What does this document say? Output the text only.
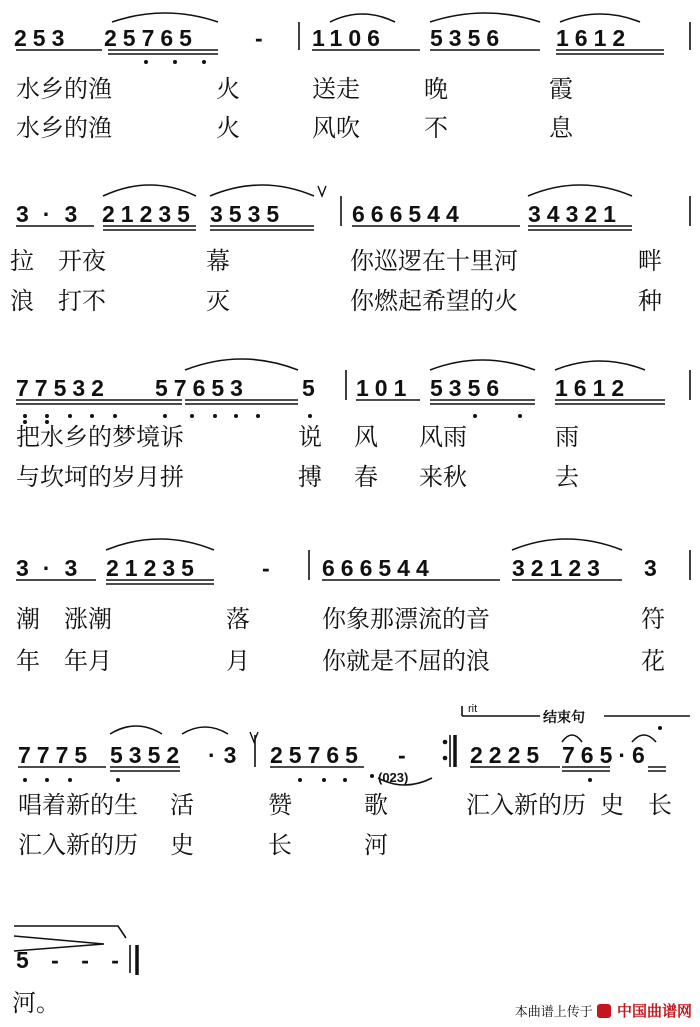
253 25765 - 1106 5356 1612
3·3 21235 3535	666544	34321
77532 57653 5 101 5356 1612
3·3 21235	- 666544	32123 3
7775 5352 ·3 25765 -
(023)
2225 765·6
rit	结束句
5 - - -
水乡的渔	火	送走	晚	霞
水乡的渔	火	风吹	不	息
拉 开夜	幕	你巡逻在十里河	畔
浪 打不	灭	你燃起希望的火	种
把水乡的梦境诉	说 风 风雨	雨
与坎坷的岁月拼	搏 春 来秋	去
潮 涨潮	落	你象那漂流的音	符
年 年月	月	你就是不屈的浪	花
唱着新的生 活	赞	歌	汇入新的历 史 长
汇入新的历 史	长	河
河。	本曲谱上传于 中国曲谱网
